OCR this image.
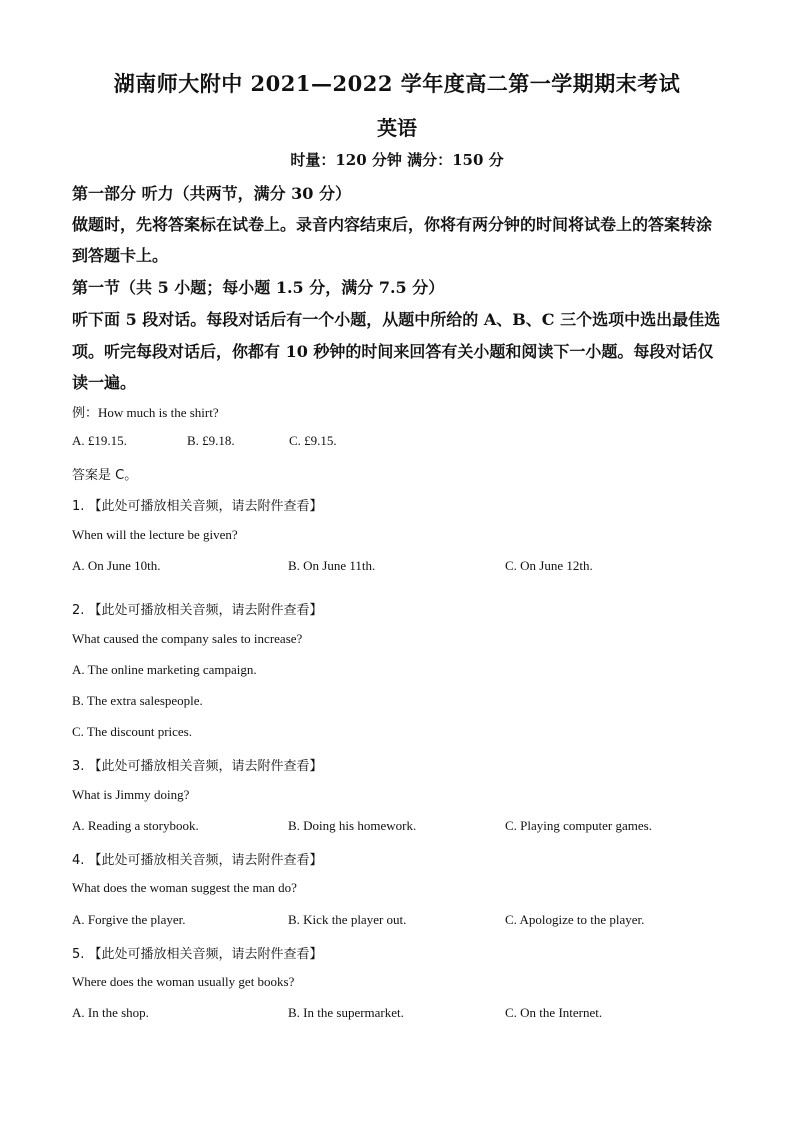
湖南师大附中 2021—2022 学年度高二第一学期期末考试
英语
时量：120 分钟 满分：150 分
第一部分 听力（共两节，满分 30 分）
做题时，先将答案标在试卷上。录音内容结束后，你将有两分钟的时间将试卷上的答案转涂
到答题卡上。
第一节（共 5 小题；每小题 1.5 分，满分 7.5 分）
听下面 5 段对话。每段对话后有一个小题，从题中所给的 A、B、C 三个选项中选出最佳选
项。听完每段对话后，你都有 10 秒钟的时间来回答有关小题和阅读下一小题。每段对话仅
读一遍。
例：How much is the shirt?
A. £19.15.	B. £9.18.	C. £9.15.
答案是 C。
1. 【此处可播放相关音频，请去附件查看】
When will the lecture be given?
A. On June 10th.	B. On June 11th.	C. On June 12th.
2. 【此处可播放相关音频，请去附件查看】
What caused the company sales to increase?
A. The online marketing campaign.
B. The extra salespeople.
C. The discount prices.
3. 【此处可播放相关音频，请去附件查看】
What is Jimmy doing?
A. Reading a storybook.	B. Doing his homework.	C. Playing computer games.
4. 【此处可播放相关音频，请去附件查看】
What does the woman suggest the man do?
A. Forgive the player.	B. Kick the player out.	C. Apologize to the player.
5. 【此处可播放相关音频，请去附件查看】
Where does the woman usually get books?
A. In the shop.	B. In the supermarket.	C. On the Internet.
